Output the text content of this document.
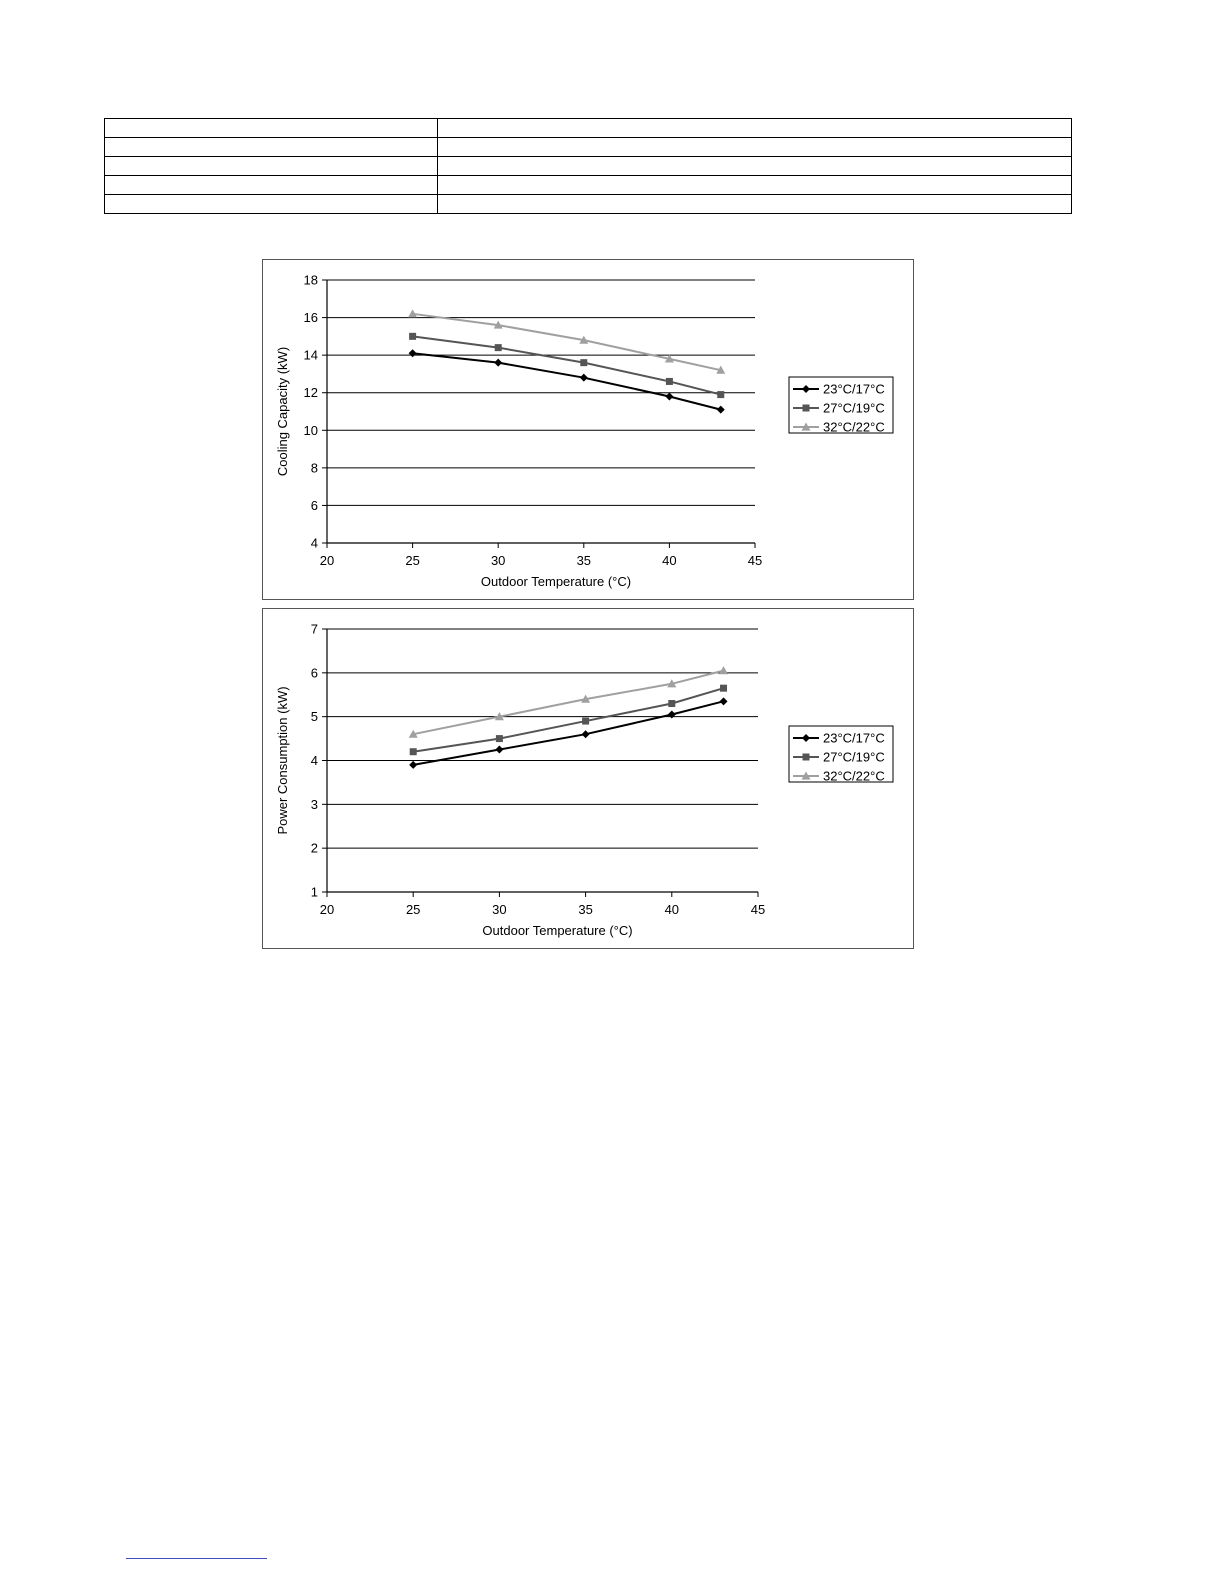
4
6
8
10
12
14
16
18
20	25	30	35	40	45
Outdoor Temperature (°C)
Cooling Capacity (kW)	23°C/17°C
27°C/19°C
32°C/22°C
1
2
3
4
5
6
7
20	25	30	35	40	45
Outdoor Temperature (°C)
Power Consumption (kW)	23°C/17°C
27°C/19°C
32°C/22°C
